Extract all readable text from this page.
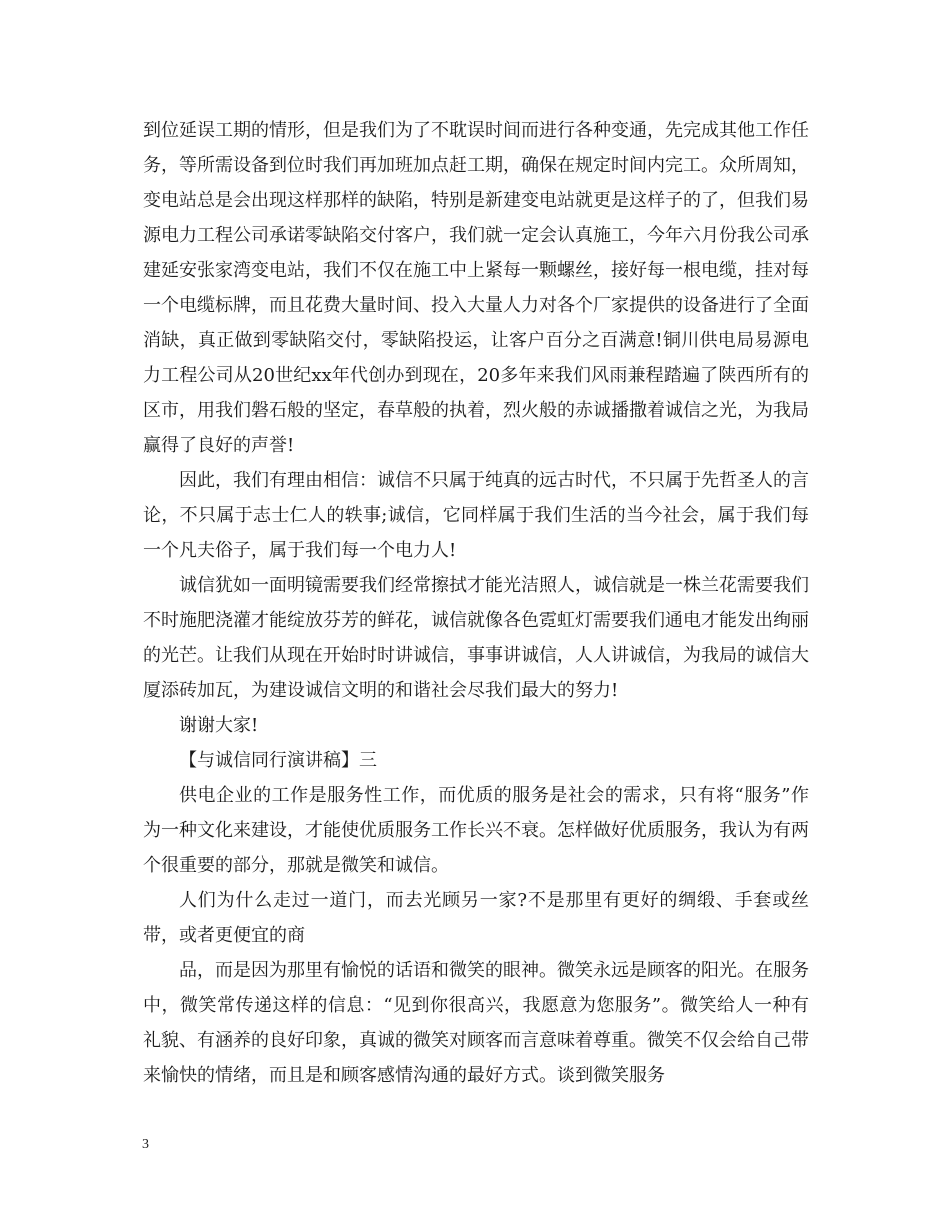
到位延误工期的情形，但是我们为了不耽误时间而进行各种变通，先完成其他工作任务，等所需设备到位时我们再加班加点赶工期，确保在规定时间内完工。众所周知，变电站总是会出现这样那样的缺陷，特别是新建变电站就更是这样子的了，但我们易源电力工程公司承诺零缺陷交付客户，我们就一定会认真施工，今年六月份我公司承建延安张家湾变电站，我们不仅在施工中上紧每一颗螺丝，接好每一根电缆，挂对每一个电缆标牌，而且花费大量时间、投入大量人力对各个厂家提供的设备进行了全面消缺，真正做到零缺陷交付，零缺陷投运，让客户百分之百满意!铜川供电局易源电力工程公司从20世纪xx年代创办到现在，20多年来我们风雨兼程踏遍了陕西所有的区市，用我们磐石般的坚定，春草般的执着，烈火般的赤诚播撒着诚信之光，为我局赢得了良好的声誉!

因此，我们有理由相信：诚信不只属于纯真的远古时代，不只属于先哲圣人的言论，不只属于志士仁人的轶事;诚信，它同样属于我们生活的当今社会，属于我们每一个凡夫俗子，属于我们每一个电力人!

诚信犹如一面明镜需要我们经常擦拭才能光洁照人，诚信就是一株兰花需要我们不时施肥浇灌才能绽放芬芳的鲜花，诚信就像各色霓虹灯需要我们通电才能发出绚丽的光芒。让我们从现在开始时时讲诚信，事事讲诚信，人人讲诚信，为我局的诚信大厦添砖加瓦，为建设诚信文明的和谐社会尽我们最大的努力!

谢谢大家!

【与诚信同行演讲稿】三

供电企业的工作是服务性工作，而优质的服务是社会的需求，只有将“服务”作为一种文化来建设，才能使优质服务工作长兴不衰。怎样做好优质服务，我认为有两个很重要的部分，那就是微笑和诚信。

人们为什么走过一道门，而去光顾另一家?不是那里有更好的绸缎、手套或丝带，或者更便宜的商

品，而是因为那里有愉悦的话语和微笑的眼神。微笑永远是顾客的阳光。在服务中，微笑常传递这样的信息：“见到你很高兴，我愿意为您服务”。微笑给人一种有礼貌、有涵养的良好印象，真诚的微笑对顾客而言意味着尊重。微笑不仅会给自己带来愉快的情绪，而且是和顾客感情沟通的最好方式。谈到微笑服务

3
